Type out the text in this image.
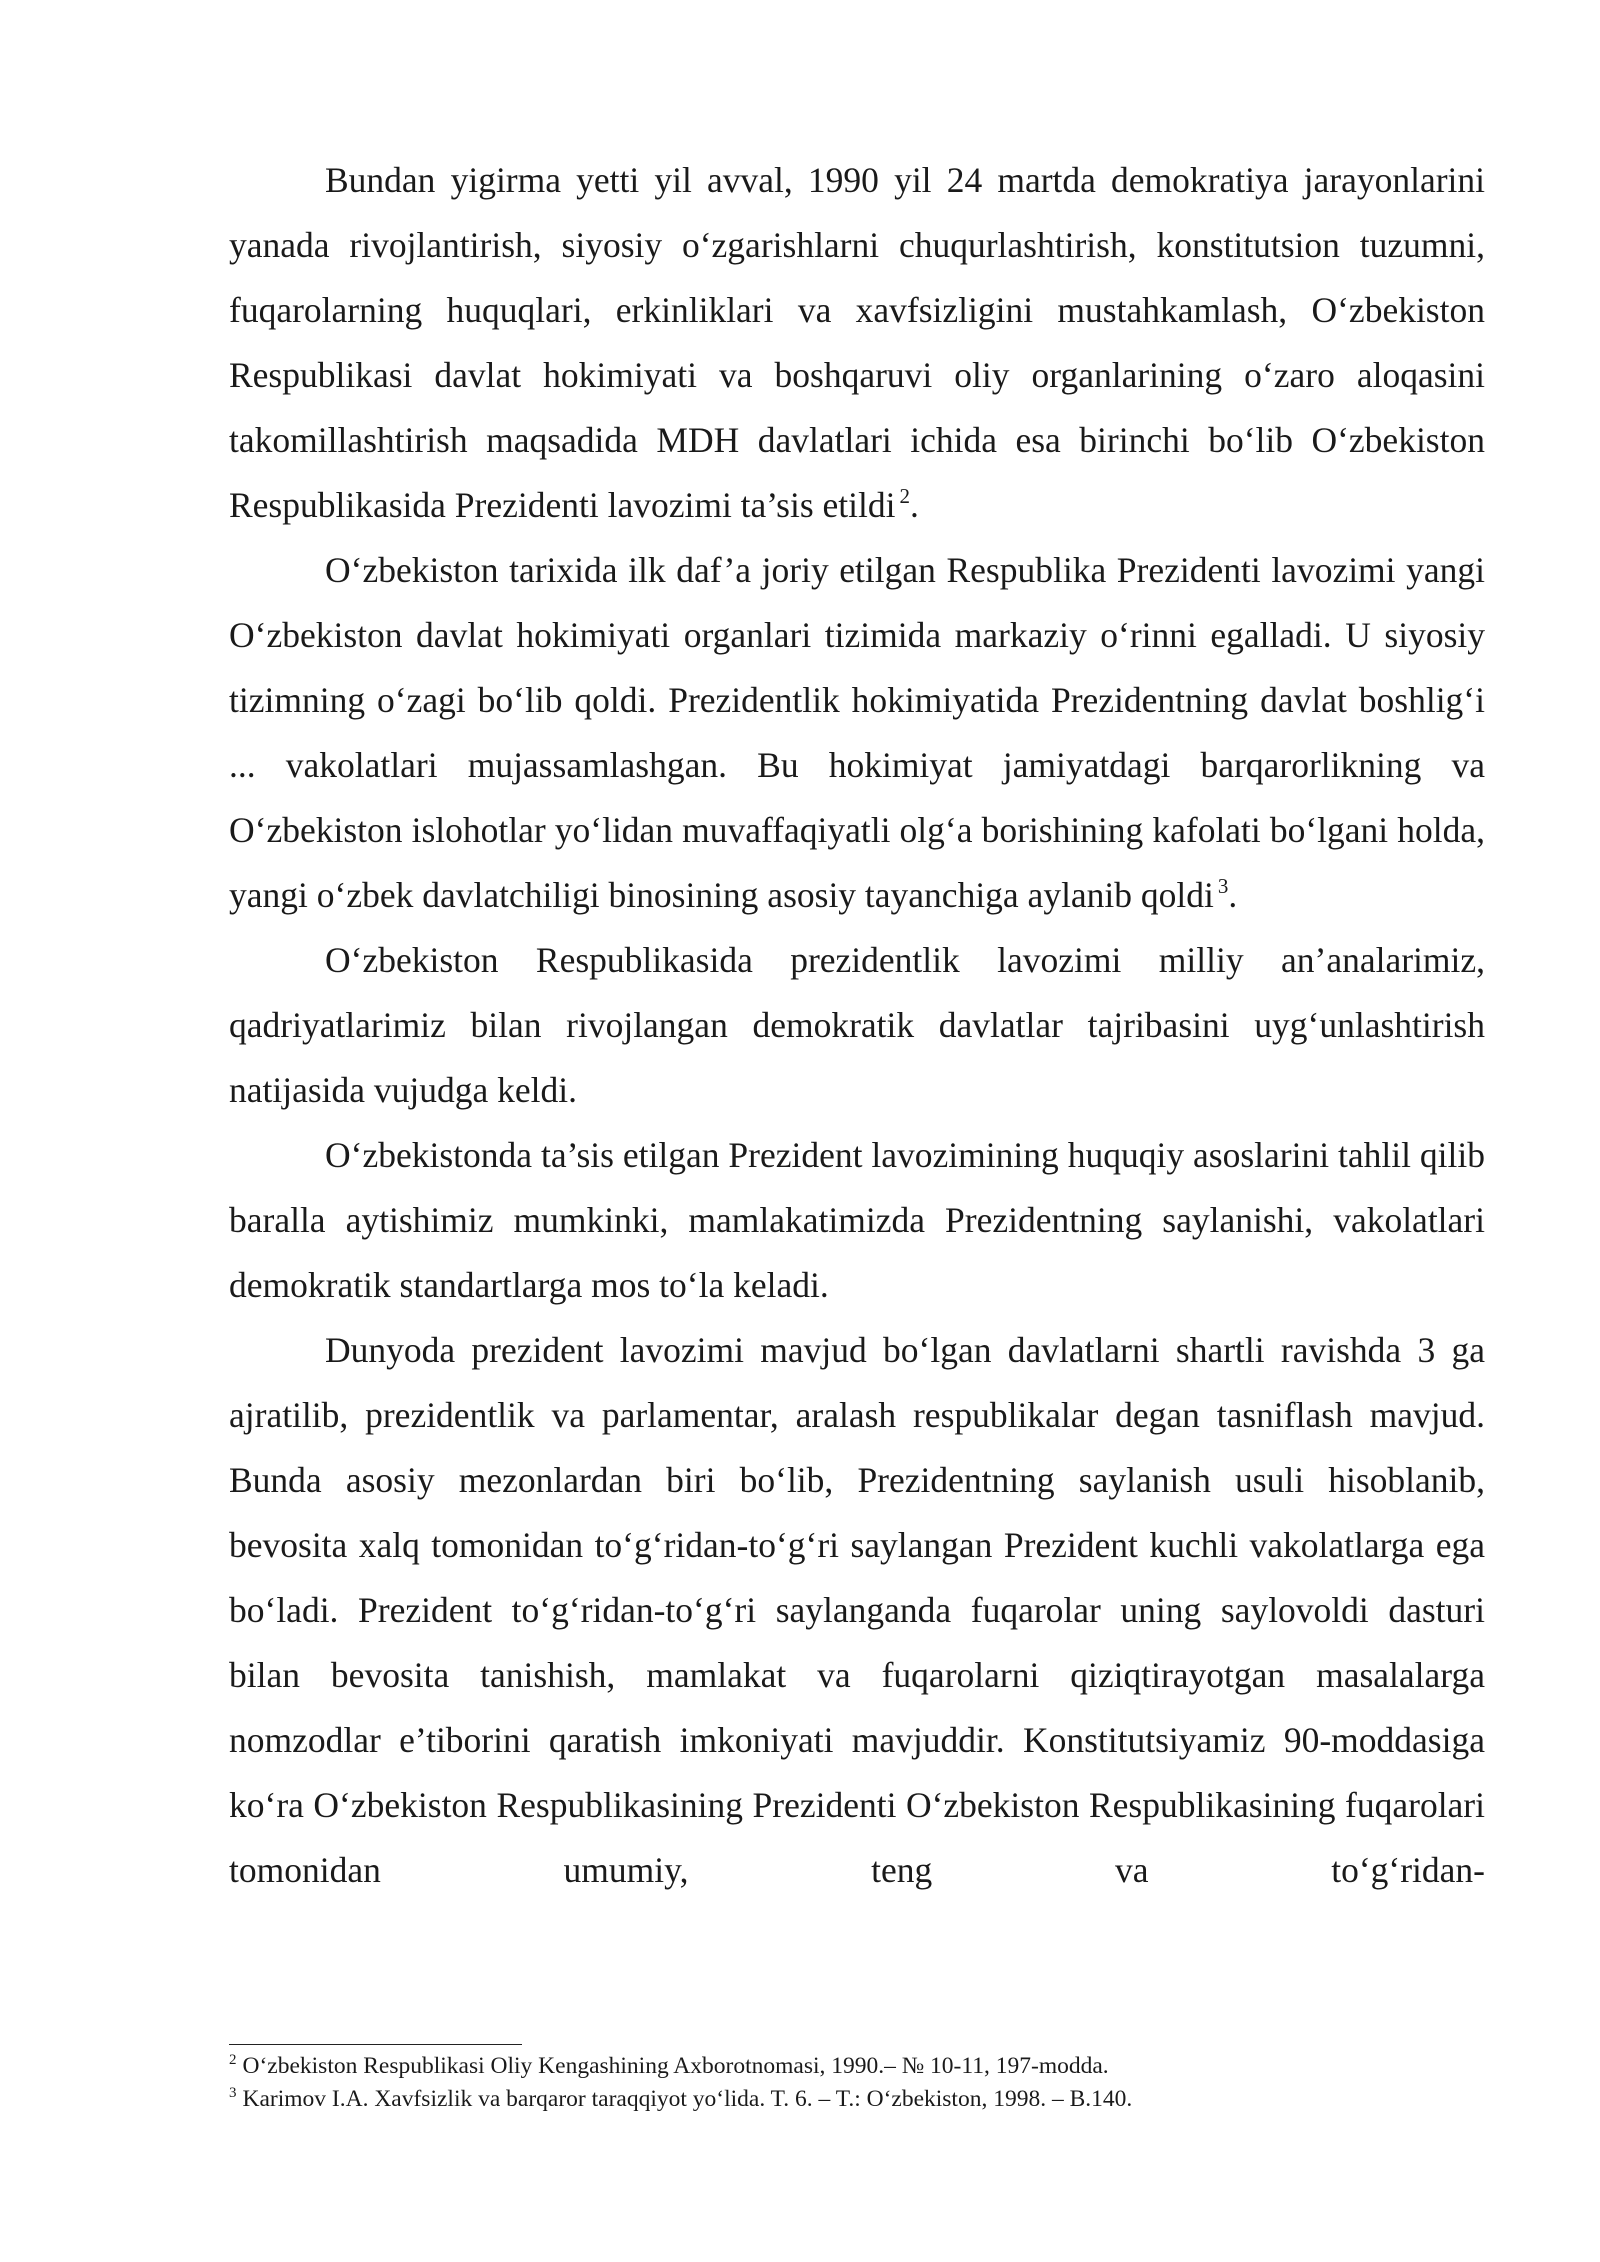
Bundan yigirma yetti yil avval, 1990 yil 24 martda demokratiya jarayonlarini yanada rivojlantirish, siyosiy o‘zgarishlarni chuqurlashtirish, konstitutsion tuzumni, fuqarolarning huquqlari, erkinliklari va xavfsizligini mustahkamlash, O‘zbekiston Respublikasi davlat hokimiyati va boshqaruvi oliy organlarining o‘zaro aloqasini takomillashtirish maqsadida MDH davlatlari ichida esa birinchi bo‘lib O‘zbekiston Respublikasida Prezidenti lavozimi ta’sis etildi $^2$.

O‘zbekiston tarixida ilk daf’a joriy etilgan Respublika Prezidenti lavozimi yangi O‘zbekiston davlat hokimiyati organlari tizimida markaziy o‘rinni egalladi. U siyosiy tizimning o‘zagi bo‘lib qoldi. Prezidentlik hokimiyatida Prezidentning davlat boshlig‘i ... vakolatlari mujassamlashgan. Bu hokimiyat jamiyatdagi barqarorlikning va O‘zbekiston islohotlar yo‘lidan muvaffaqiyatli olg‘a borishining kafolati bo‘lgani holda, yangi o‘zbek davlatchiligi binosining asosiy tayanchiga aylanib qoldi $^3$.

O‘zbekiston Respublikasida prezidentlik lavozimi milliy an’analarimiz, qadriyatlarimiz bilan rivojlangan demokratik davlatlar tajribasini uyg‘unlashtirish natijasida vujudga keldi.

O‘zbekistonda ta’sis etilgan Prezident lavozimining huquqiy asoslarini tahlil qilib baralla aytishimiz mumkinki, mamlakatimizda Prezidentning saylanishi, vakolatlari demokratik standartlarga mos to‘la keladi.

Dunyoda prezident lavozimi mavjud bo‘lgan davlatlarni shartli ravishda 3 ga ajratilib, prezidentlik va parlamentar, aralash respublikalar degan tasniflash mavjud. Bunda asosiy mezonlardan biri bo‘lib, Prezidentning saylanish usuli hisoblanib, bevosita xalq tomonidan to‘g‘ridan-to‘g‘ri saylangan Prezident kuchli vakolatlarga ega bo‘ladi. Prezident to‘g‘ridan-to‘g‘ri saylanganda fuqarolar uning saylovoldi dasturi bilan bevosita tanishish, mamlakat va fuqarolarni qiziqtirayotgan masalalarga nomzodlar e’tiborini qaratish imkoniyati mavjuddir. Konstitutsiyamiz 90-moddasiga ko‘ra O‘zbekiston Respublikasining Prezidenti O‘zbekiston Respublikasining fuqarolari tomonidan umumiy, teng va to‘g‘ridan-

$^2$ O‘zbekiston Respublikasi Oliy Kengashining Axborotnomasi, 1990.– № 10-11, 197-modda.

$^3$ Karimov I.A. Xavfsizlik va barqaror taraqqiyot yo‘lida. T. 6. – T.: O‘zbekiston, 1998. – B.140.
